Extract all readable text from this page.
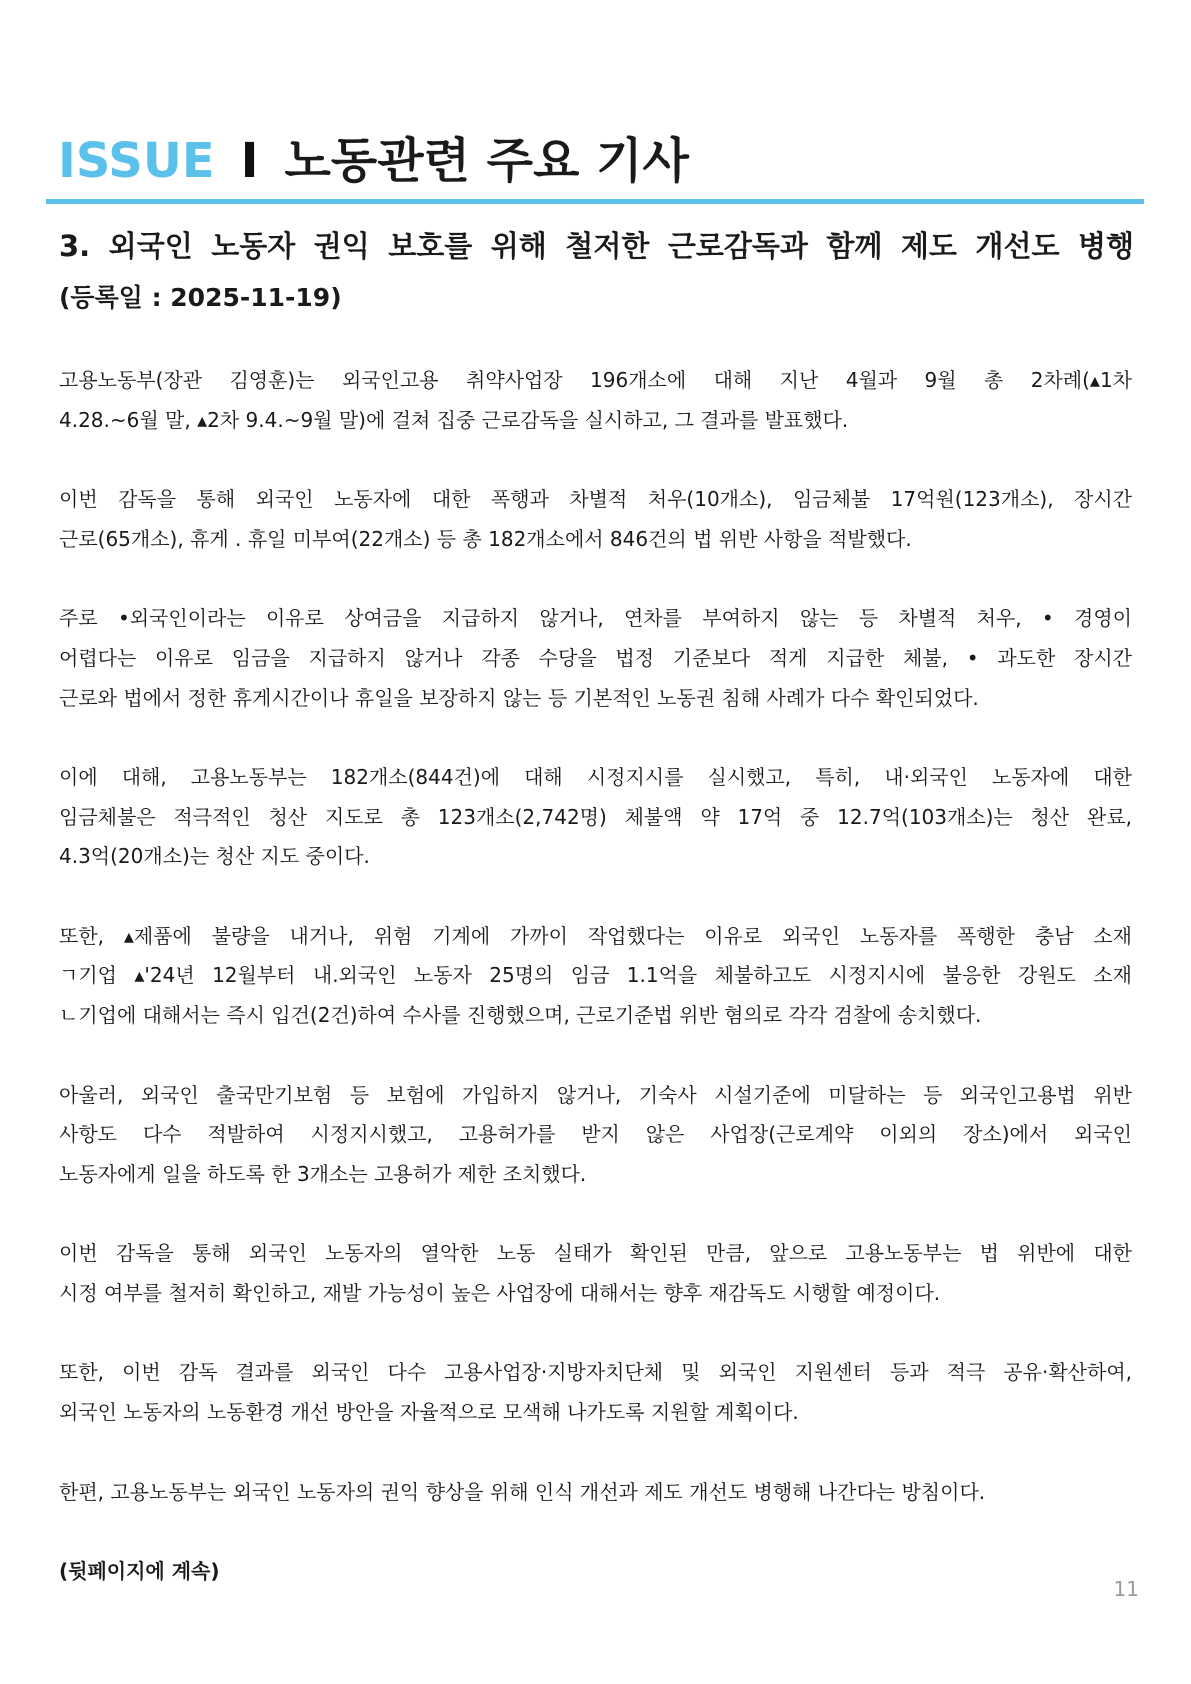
ISSUE I 노동관련 주요 기사
3. 외국인 노동자 권익 보호를 위해 철저한 근로감독과 함께 제도 개선도 병행
(등록일 : 2025-11-19)
고용노동부(장관 김영훈)는 외국인고용 취약사업장 196개소에 대해 지난 4월과 9월 총 2차례(▴1차
4.28.~6월 말, ▴2차 9.4.~9월 말)에 걸쳐 집중 근로감독을 실시하고, 그 결과를 발표했다.
이번 감독을 통해 외국인 노동자에 대한 폭행과 차별적 처우(10개소), 임금체불 17억원(123개소), 장시간
근로(65개소), 휴게 . 휴일 미부여(22개소) 등 총 182개소에서 846건의 법 위반 사항을 적발했다.
주로 •외국인이라는 이유로 상여금을 지급하지 않거나, 연차를 부여하지 않는 등 차별적 처우, • 경영이
어렵다는 이유로 임금을 지급하지 않거나 각종 수당을 법정 기준보다 적게 지급한 체불, • 과도한 장시간
근로와 법에서 정한 휴게시간이나 휴일을 보장하지 않는 등 기본적인 노동권 침해 사례가 다수 확인되었다.
이에 대해, 고용노동부는 182개소(844건)에 대해 시정지시를 실시했고, 특히, 내·외국인 노동자에 대한
임금체불은 적극적인 청산 지도로 총 123개소(2,742명) 체불액 약 17억 중 12.7억(103개소)는 청산 완료,
4.3억(20개소)는 청산 지도 중이다.
또한, ▴제품에 불량을 내거나, 위험 기계에 가까이 작업했다는 이유로 외국인 노동자를 폭행한 충남 소재
ㄱ기업 ▴'24년 12월부터 내.외국인 노동자 25명의 임금 1.1억을 체불하고도 시정지시에 불응한 강원도 소재
ㄴ기업에 대해서는 즉시 입건(2건)하여 수사를 진행했으며, 근로기준법 위반 혐의로 각각 검찰에 송치했다.
아울러, 외국인 출국만기보험 등 보험에 가입하지 않거나, 기숙사 시설기준에 미달하는 등 외국인고용법 위반
사항도 다수 적발하여 시정지시했고, 고용허가를 받지 않은 사업장(근로계약 이외의 장소)에서 외국인
노동자에게 일을 하도록 한 3개소는 고용허가 제한 조치했다.
이번 감독을 통해 외국인 노동자의 열악한 노동 실태가 확인된 만큼, 앞으로 고용노동부는 법 위반에 대한
시정 여부를 철저히 확인하고, 재발 가능성이 높은 사업장에 대해서는 향후 재감독도 시행할 예정이다.
또한, 이번 감독 결과를 외국인 다수 고용사업장·지방자치단체 및 외국인 지원센터 등과 적극 공유·확산하여,
외국인 노동자의 노동환경 개선 방안을 자율적으로 모색해 나가도록 지원할 계획이다.
한편, 고용노동부는 외국인 노동자의 권익 향상을 위해 인식 개선과 제도 개선도 병행해 나간다는 방침이다.
(뒷페이지에 계속)
11
